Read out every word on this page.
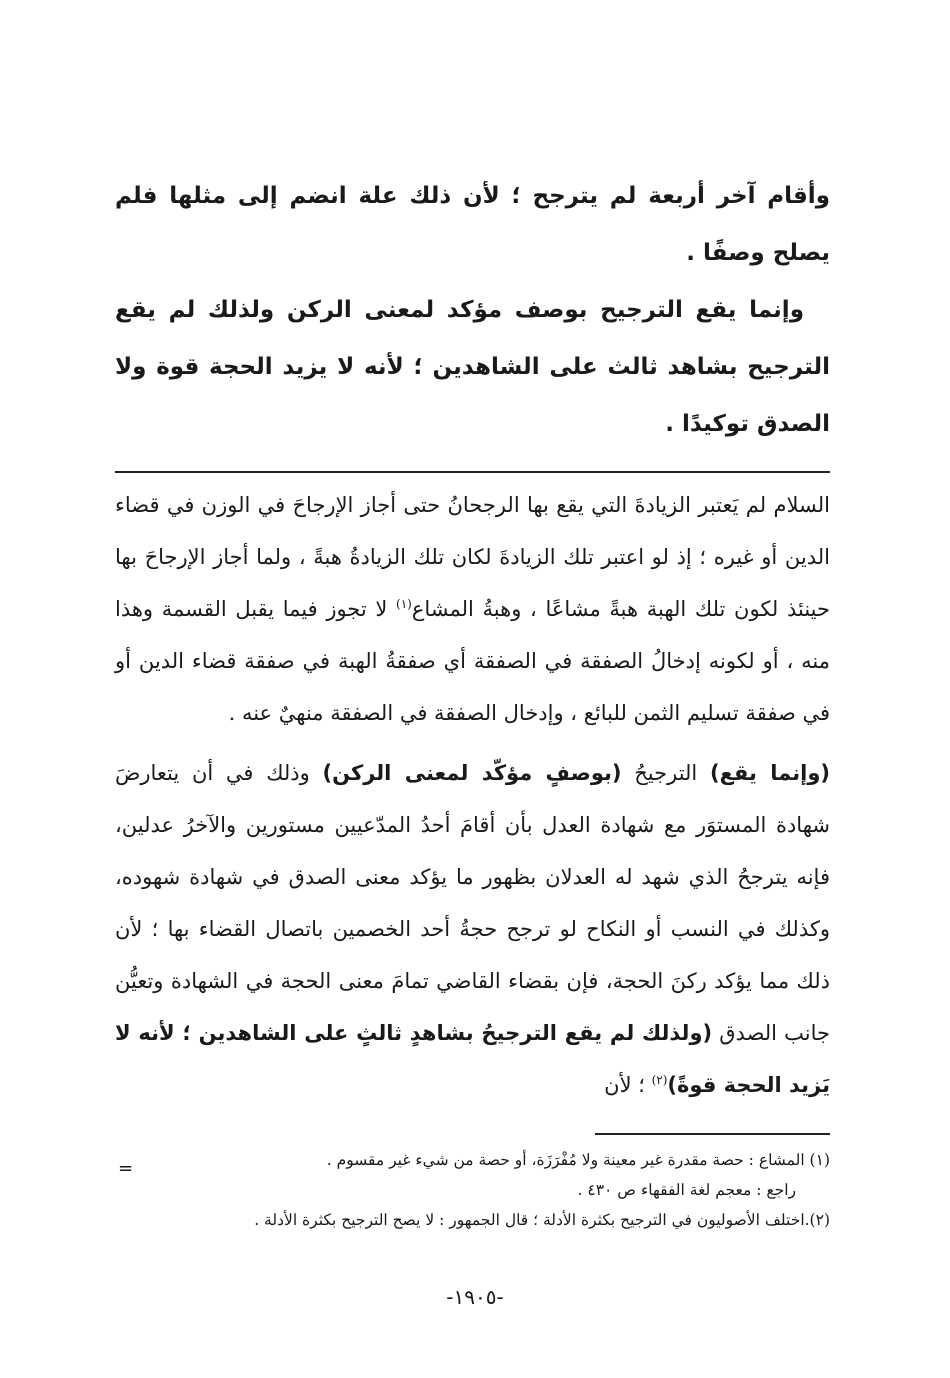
وأقام آخر أربعة لم يترجح ؛ لأن ذلك علة انضم إلى مثلها فلم يصلح وصفًا .

وإنما يقع الترجيح بوصف مؤكد لمعنى الركن ولذلك لم يقع الترجيح بشاهد ثالث على الشاهدين ؛ لأنه لا يزيد الحجة قوة ولا الصدق توكيدًا .

السلام لم يَعتبر الزيادةَ التي يقع بها الرجحانُ حتى أجاز الإرجاحَ في الوزن في قضاء الدين أو غيره ؛ إذ لو اعتبر تلك الزيادةَ لكان تلك الزيادةُ هبةً ، ولما أجاز الإرجاحَ بها حينئذ لكون تلك الهبة هبةً مشاعًا ، وهبةُ المشاع$^{(١)}$ لا تجوز فيما يقبل القسمة وهذا منه ، أو لكونه إدخالُ الصفقة في الصفقة أي صفقةُ الهبة في صفقة قضاء الدين أو في صفقة تسليم الثمن للبائع ، وإدخال الصفقة في الصفقة منهيٌ عنه .

(وإنما يقع) الترجيحُ (بوصفٍ مؤكّد لمعنى الركن) وذلك في أن يتعارضَ شهادة المستوَر مع شهادة العدل بأن أقامَ أحدُ المدّعيين مستورين والآخرُ عدلين، فإنه يترجحُ الذي شهد له العدلان بظهور ما يؤكد معنى الصدق في شهادة شهوده، وكذلك في النسب أو النكاح لو ترجح حجةُ أحد الخصمين باتصال القضاء بها ؛ لأن ذلك مما يؤكد ركنَ الحجة، فإن بقضاء القاضي تمامَ معنى الحجة في الشهادة وتعيُّن جانب الصدق (ولذلك لم يقع الترجيحُ بشاهدٍ ثالثٍ على الشاهدين ؛ لأنه لا يَزيد الحجة قوةً)$^{(٢)}$ ؛ لأن

(١) المشاع : حصة مقدرة غير معينة ولا مُفْرَزَة، أو حصة من شيء غير مقسوم .

راجع : معجم لغة الفقهاء ص ٤٣٠ .

(٢).اختلف الأصوليون في الترجيح بكثرة الأدلة ؛ قال الجمهور : لا يصح الترجيح بكثرة الأدلة .

=
-١٩٠٥-
